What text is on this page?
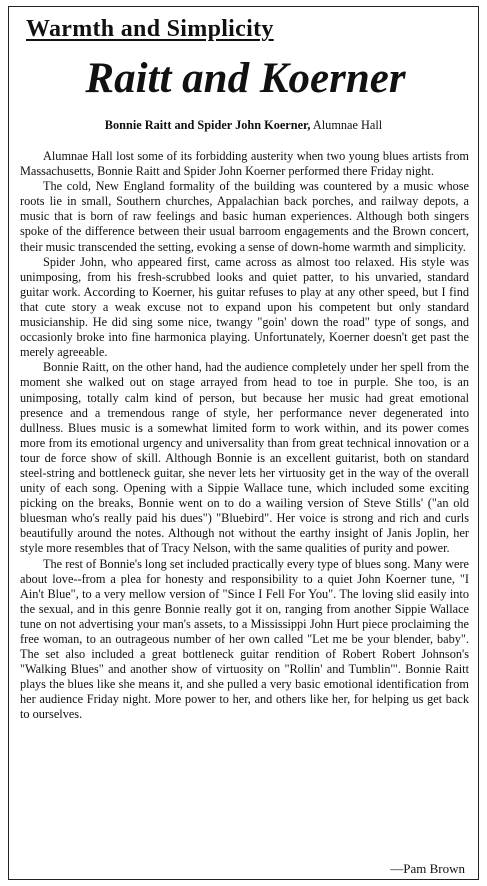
Warmth and Simplicity
Raitt and Koerner
Bonnie Raitt and Spider John Koerner, Alumnae Hall

Alumnae Hall lost some of its forbidding austerity when two young blues artists from Massachusetts, Bonnie Raitt and Spider John Koerner performed there Friday night.

The cold, New England formality of the building was countered by a music whose roots lie in small, Southern churches, Appalachian back porches, and railway depots, a music that is born of raw feelings and basic human experiences. Although both singers spoke of the difference between their usual barroom engagements and the Brown concert, their music transcended the setting, evoking a sense of down-home warmth and simplicity.

Spider John, who appeared first, came across as almost too relaxed. His style was unimposing, from his fresh-scrubbed looks and quiet patter, to his unvaried, standard guitar work. According to Koerner, his guitar refuses to play at any other speed, but I find that cute story a weak excuse not to expand upon his competent but only standard musicianship. He did sing some nice, twangy "goin' down the road" type of songs, and occasionly broke into fine harmonica playing. Unfortunately, Koerner doesn't get past the merely agreeable.

Bonnie Raitt, on the other hand, had the audience completely under her spell from the moment she walked out on stage arrayed from head to toe in purple. She too, is an unimposing, totally calm kind of person, but because her music had great emotional presence and a tremendous range of style, her performance never degenerated into dullness. Blues music is a somewhat limited form to work within, and its power comes more from its emotional urgency and universality than from great technical innovation or a tour de force show of skill. Although Bonnie is an excellent guitarist, both on standard steel-string and bottleneck guitar, she never lets her virtuosity get in the way of the overall unity of each song. Opening with a Sippie Wallace tune, which included some exciting picking on the breaks, Bonnie went on to do a wailing version of Steve Stills' ("an old bluesman who's really paid his dues") "Bluebird". Her voice is strong and rich and curls beautifully around the notes. Although not without the earthy insight of Janis Joplin, her style more resembles that of Tracy Nelson, with the same qualities of purity and power.

The rest of Bonnie's long set included practically every type of blues song. Many were about love--from a plea for honesty and responsibility to a quiet John Koerner tune, "I Ain't Blue", to a very mellow version of "Since I Fell For You". The loving slid easily into the sexual, and in this genre Bonnie really got it on, ranging from another Sippie Wallace tune on not advertising your man's assets, to a Mississippi John Hurt piece proclaiming the free woman, to an outrageous number of her own called "Let me be your blender, baby". The set also included a great bottleneck guitar rendition of Robert Robert Johnson's "Walking Blues" and another show of virtuosity on "Rollin' and Tumblin'". Bonnie Raitt plays the blues like she means it, and she pulled a very basic emotional identification from her audience Friday night. More power to her, and others like her, for helping us get back to ourselves.

—Pam Brown
